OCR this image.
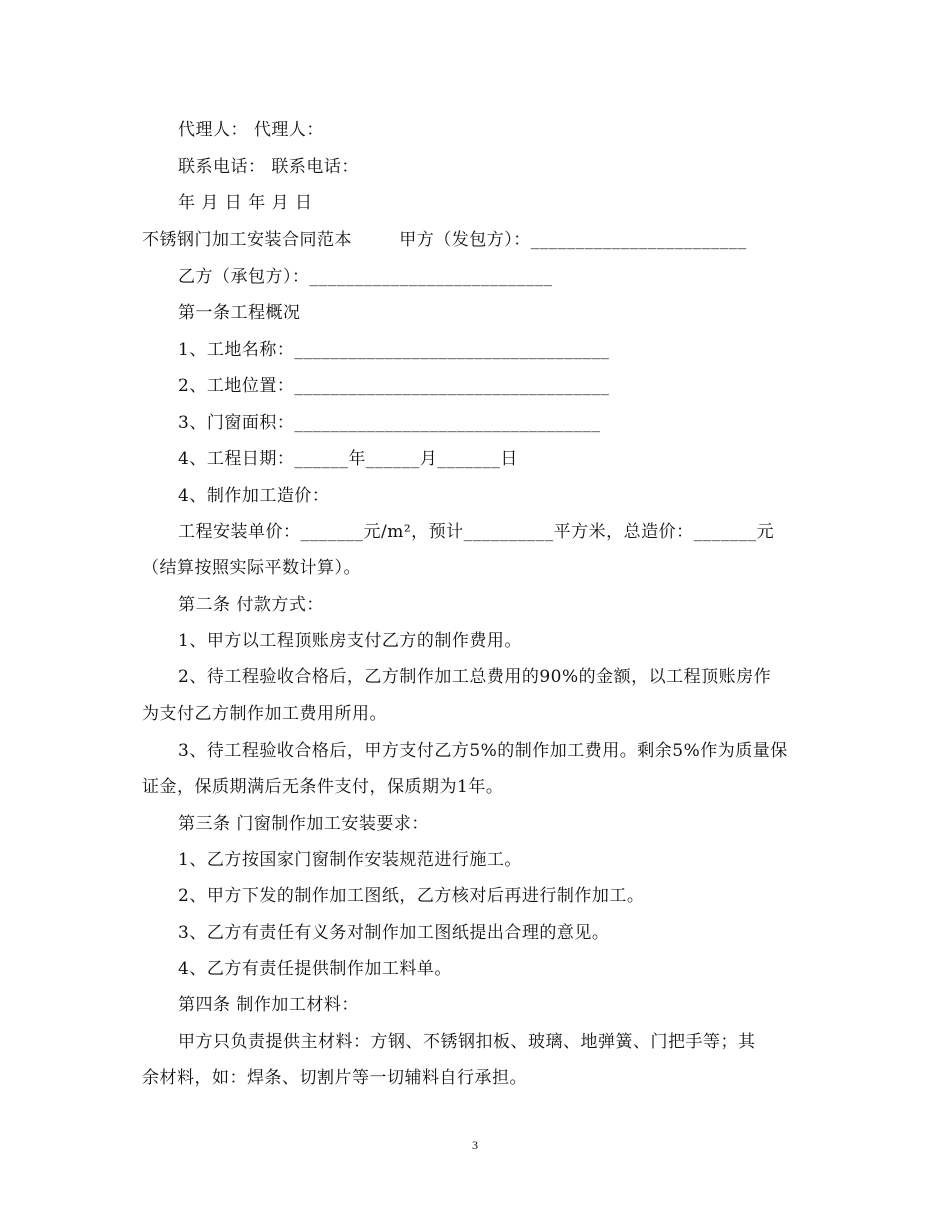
代理人： 代理人：
联系电话： 联系电话：
年 月 日 年 月 日
不锈钢门加工安装合同范本        甲方（发包方）：________________________
乙方（承包方）：___________________________
第一条工程概况
1、工地名称：___________________________________
2、工地位置：___________________________________
3、门窗面积：__________________________________
4、工程日期：______年______月_______日
4、制作加工造价：
工程安装单价：_______元/m²，预计__________平方米，总造价：_______元
（结算按照实际平数计算）。
第二条 付款方式：
1、甲方以工程顶账房支付乙方的制作费用。
2、待工程验收合格后，乙方制作加工总费用的90%的金额，以工程顶账房作
为支付乙方制作加工费用所用。
3、待工程验收合格后，甲方支付乙方5%的制作加工费用。剩余5%作为质量保
证金，保质期满后无条件支付，保质期为1年。
第三条 门窗制作加工安装要求：
1、乙方按国家门窗制作安装规范进行施工。
2、甲方下发的制作加工图纸，乙方核对后再进行制作加工。
3、乙方有责任有义务对制作加工图纸提出合理的意见。
4、乙方有责任提供制作加工料单。
第四条 制作加工材料：
甲方只负责提供主材料：方钢、不锈钢扣板、玻璃、地弹簧、门把手等；其
余材料，如：焊条、切割片等一切辅料自行承担。
3
